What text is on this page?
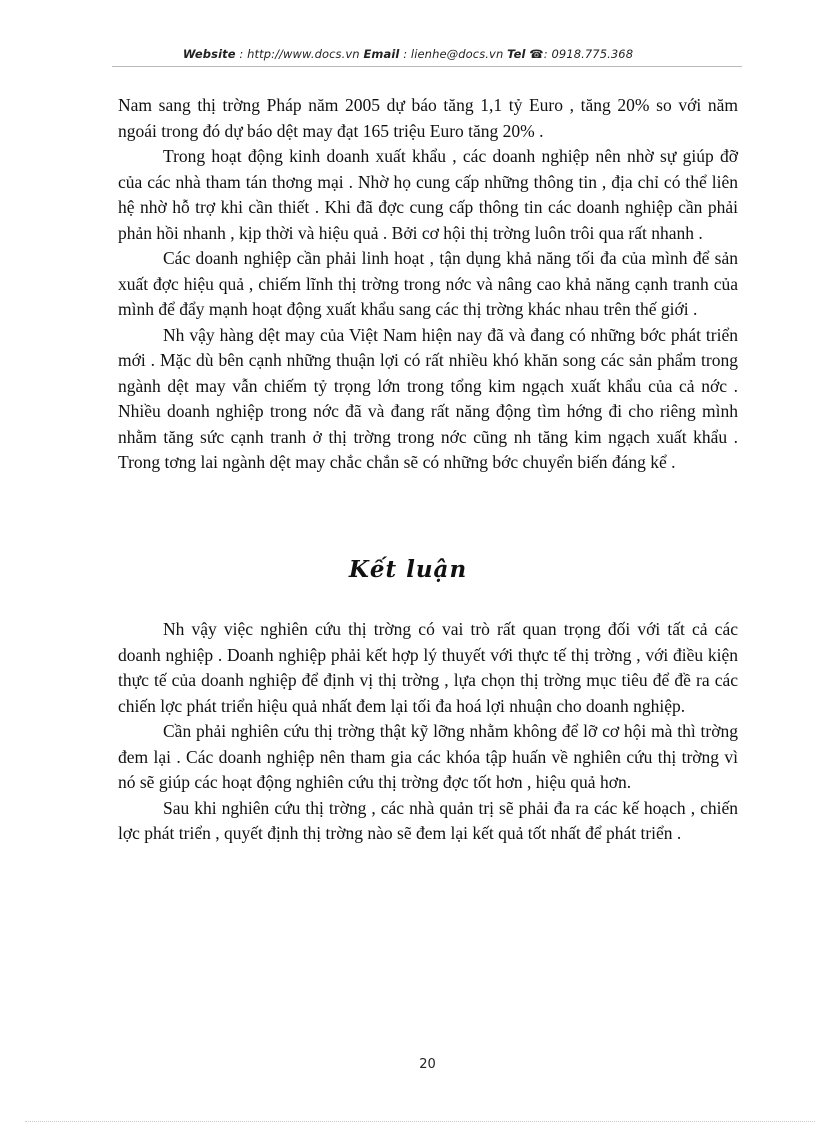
Website : http://www.docs.vn Email : lienhe@docs.vn Tel ☎: 0918.775.368

Nam sang thị trờng Pháp năm 2005 dự báo tăng 1,1 tỷ Euro , tăng 20% so với năm ngoái trong đó dự báo dệt may đạt 165 triệu Euro tăng 20% .

Trong hoạt động kinh doanh xuất khẩu , các doanh nghiệp nên nhờ sự giúp đỡ của các nhà tham tán thơng mại . Nhờ họ cung cấp những thông tin , địa chỉ có thể liên hệ nhờ hỗ trợ khi cần thiết . Khi đã đợc cung cấp thông tin các doanh nghiệp cần phải phản hồi nhanh , kịp thời và hiệu quả . Bởi cơ hội thị trờng luôn trôi qua rất nhanh .

Các doanh nghiệp cần phải linh hoạt , tận dụng khả năng tối đa của mình để sản xuất đợc hiệu quả , chiếm lĩnh thị trờng trong nớc và nâng cao khả năng cạnh tranh của mình để đẩy mạnh hoạt động xuất khẩu sang các thị trờng khác nhau trên thế giới .

Nh vậy hàng dệt may của Việt Nam hiện nay đã và đang có những bớc phát triển mới . Mặc dù bên cạnh những thuận lợi có rất nhiều khó khăn song các sản phẩm trong ngành dệt may vẫn chiếm tỷ trọng lớn trong tổng kim ngạch xuất khẩu của cả nớc . Nhiều doanh nghiệp trong nớc đã và đang rất năng động tìm hớng đi cho riêng mình nhằm tăng sức cạnh tranh ở thị trờng trong nớc cũng nh tăng kim ngạch xuất khẩu . Trong tơng lai ngành dệt may chắc chắn sẽ có những bớc chuyển biến đáng kể .

Kết luận

Nh vậy việc nghiên cứu thị trờng có vai trò rất quan trọng đối với tất cả các doanh nghiệp . Doanh nghiệp phải kết hợp lý thuyết với thực tế thị trờng , với điều kiện thực tế của doanh nghiệp để định vị thị trờng , lựa chọn thị trờng mục tiêu để đề ra các chiến lợc phát triển hiệu quả nhất đem lại tối đa hoá lợi nhuận cho doanh nghiệp.

Cần phải nghiên cứu thị trờng thật kỹ lỡng nhằm không để lỡ cơ hội mà thì trờng đem lại . Các doanh nghiệp nên tham gia các khóa tập huấn về nghiên cứu thị trờng vì nó sẽ giúp các hoạt động nghiên cứu thị trờng đợc tốt hơn , hiệu quả hơn.

Sau khi nghiên cứu thị trờng , các nhà quản trị sẽ phải đa ra các kế hoạch , chiến lợc phát triển , quyết định thị trờng nào sẽ đem lại kết quả tốt nhất để phát triển .

20
